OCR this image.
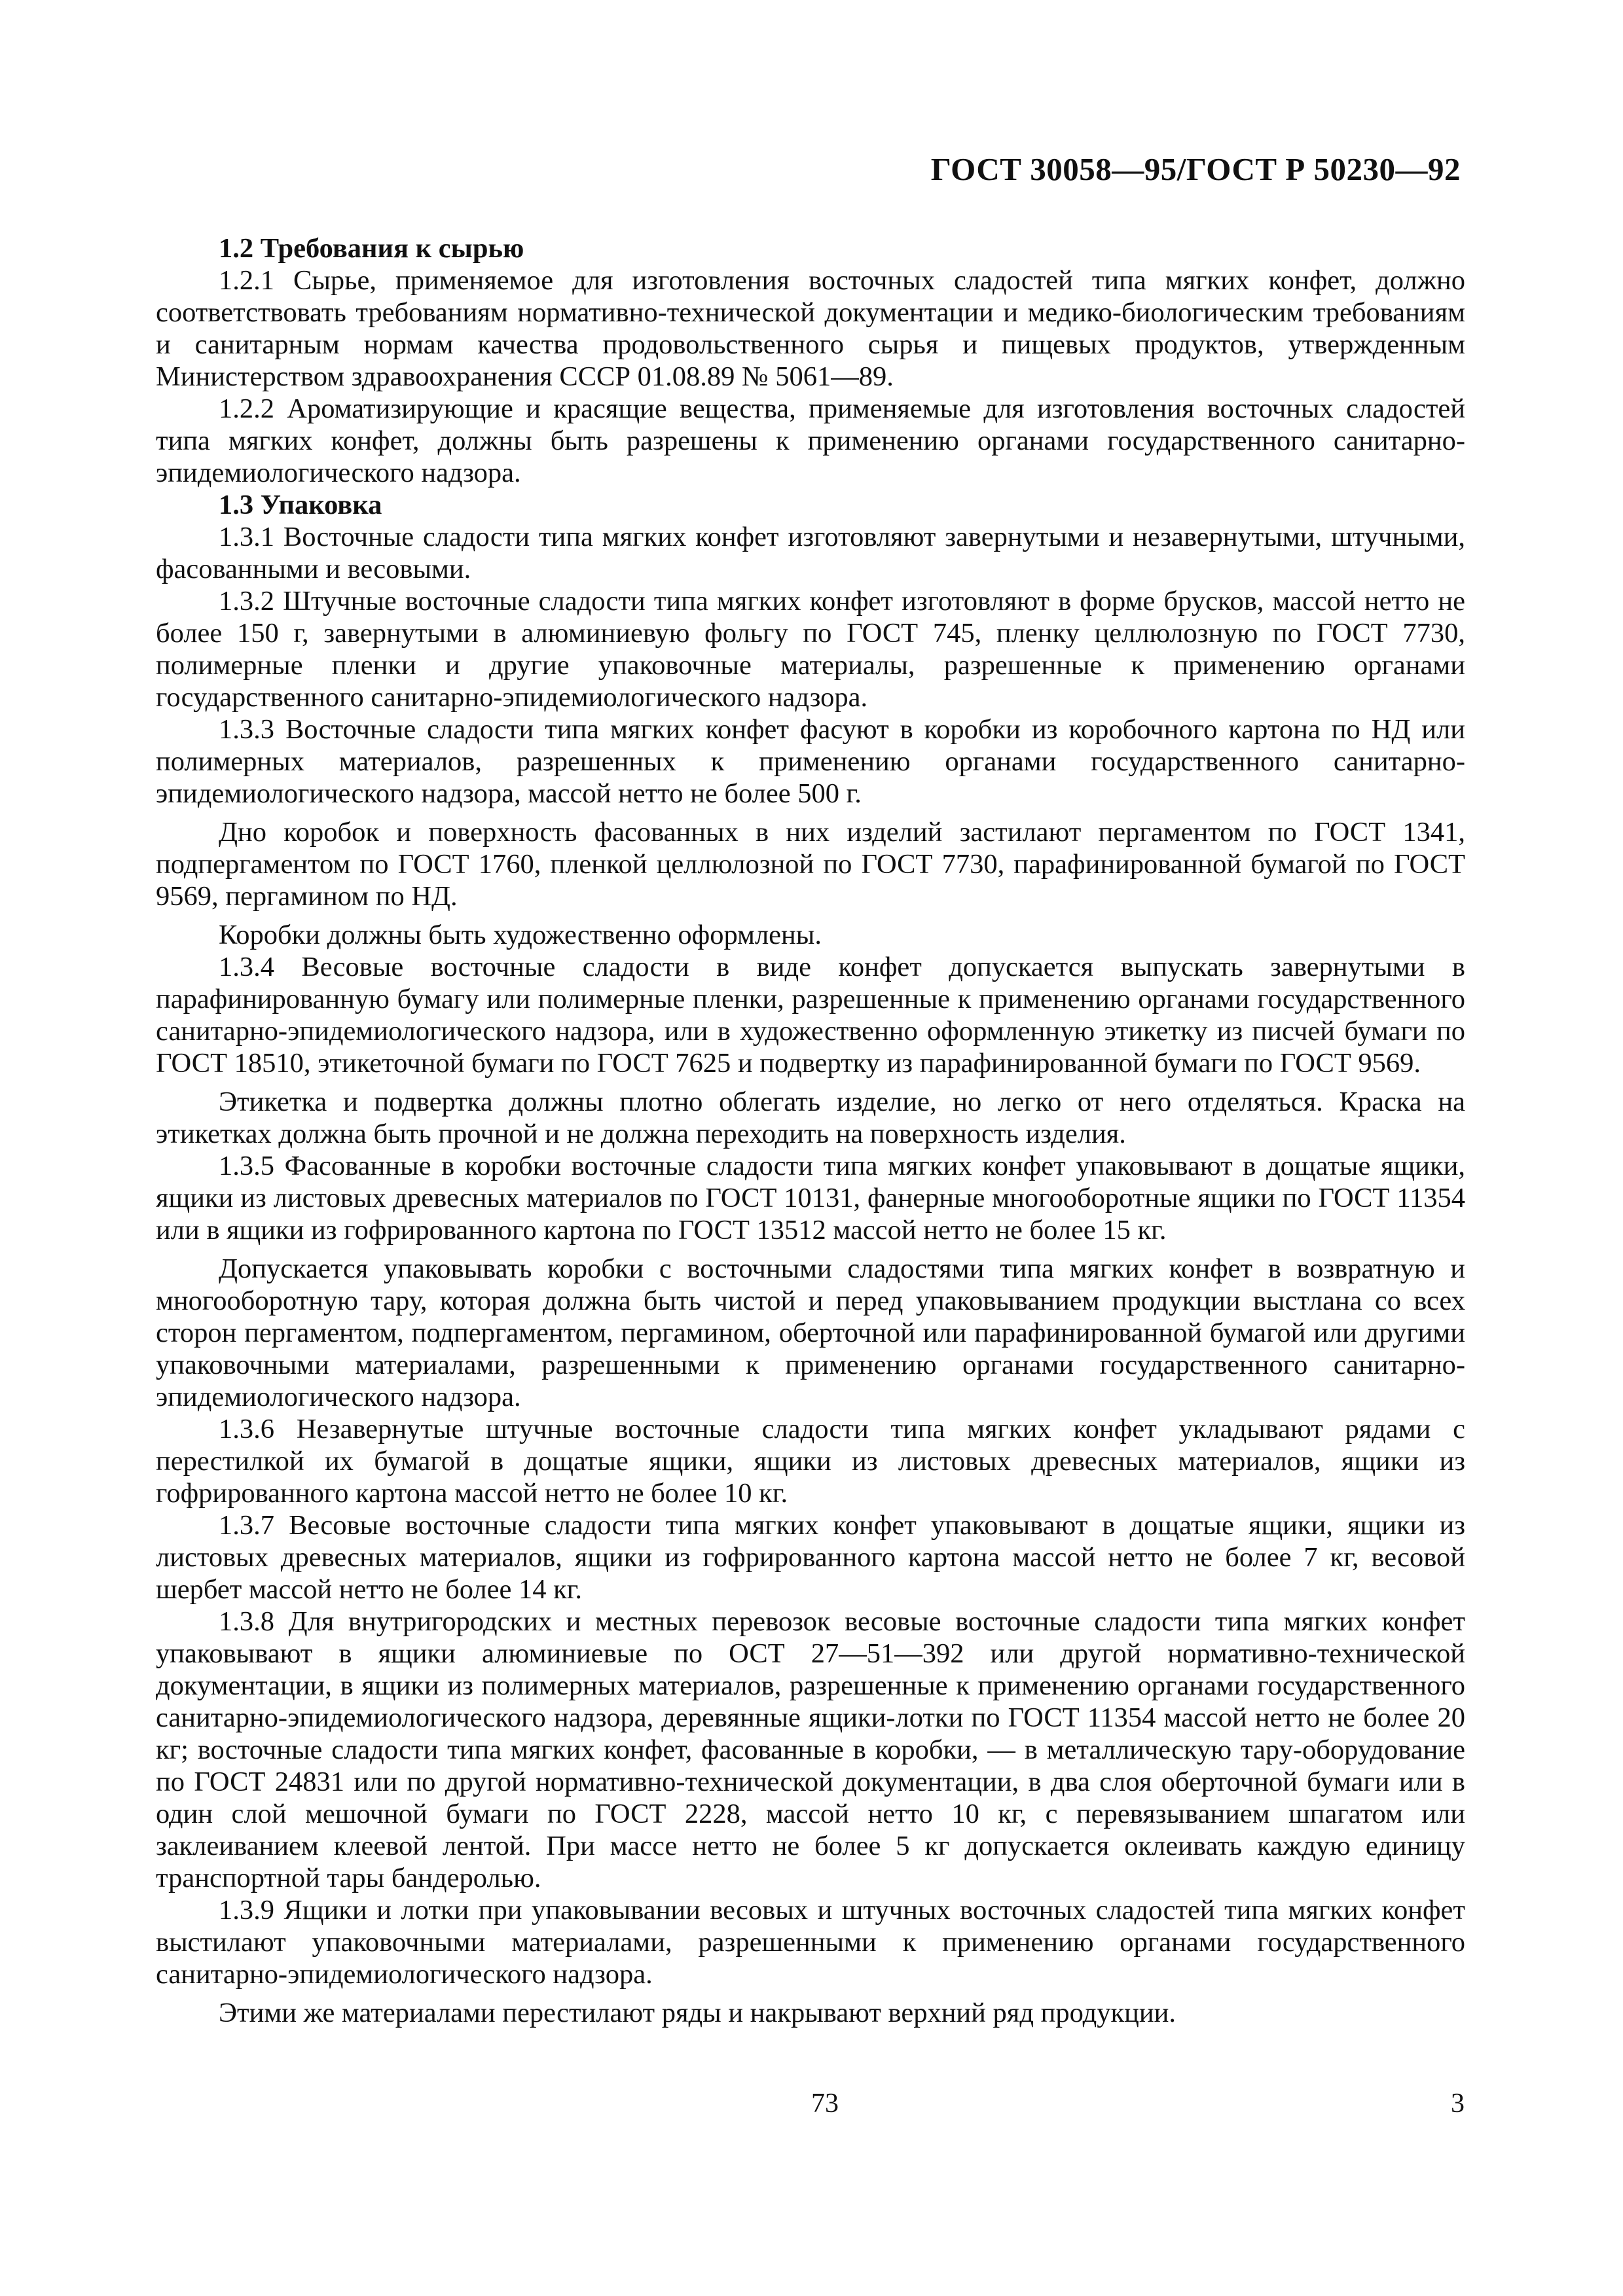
ГОСТ 30058—95/ГОСТ Р 50230—92

1.2 Требования к сырью

1.2.1 Сырье, применяемое для изготовления восточных сладостей типа мягких конфет, должно соответствовать требованиям нормативно-технической документации и медико-биологическим требованиям и санитарным нормам качества продовольственного сырья и пищевых продуктов, утвержденным Министерством здравоохранения СССР 01.08.89 № 5061—89.

1.2.2 Ароматизирующие и красящие вещества, применяемые для изготовления восточных сладостей типа мягких конфет, должны быть разрешены к применению органами государственного санитарно-эпидемиологического надзора.

1.3 Упаковка

1.3.1 Восточные сладости типа мягких конфет изготовляют завернутыми и незавернутыми, штучными, фасованными и весовыми.

1.3.2 Штучные восточные сладости типа мягких конфет изготовляют в форме брусков, массой нетто не более 150 г, завернутыми в алюминиевую фольгу по ГОСТ 745, пленку целлюлозную по ГОСТ 7730, полимерные пленки и другие упаковочные материалы, разрешенные к применению органами государственного санитарно-эпидемиологического надзора.

1.3.3 Восточные сладости типа мягких конфет фасуют в коробки из коробочного картона по НД или полимерных материалов, разрешенных к применению органами государственного санитарно-эпидемиологического надзора, массой нетто не более 500 г.

Дно коробок и поверхность фасованных в них изделий застилают пергаментом по ГОСТ 1341, подпергаментом по ГОСТ 1760, пленкой целлюлозной по ГОСТ 7730, парафинированной бумагой по ГОСТ 9569, пергамином по НД.

Коробки должны быть художественно оформлены.

1.3.4 Весовые восточные сладости в виде конфет допускается выпускать завернутыми в парафинированную бумагу или полимерные пленки, разрешенные к применению органами государственного санитарно-эпидемиологического надзора, или в художественно оформленную этикетку из писчей бумаги по ГОСТ 18510, этикеточной бумаги по ГОСТ 7625 и подвертку из парафинированной бумаги по ГОСТ 9569.

Этикетка и подвертка должны плотно облегать изделие, но легко от него отделяться. Краска на этикетках должна быть прочной и не должна переходить на поверхность изделия.

1.3.5 Фасованные в коробки восточные сладости типа мягких конфет упаковывают в дощатые ящики, ящики из листовых древесных материалов по ГОСТ 10131, фанерные многооборотные ящики по ГОСТ 11354 или в ящики из гофрированного картона по ГОСТ 13512 массой нетто не более 15 кг.

Допускается упаковывать коробки с восточными сладостями типа мягких конфет в возвратную и многооборотную тару, которая должна быть чистой и перед упаковыванием продукции выстлана со всех сторон пергаментом, подпергаментом, пергамином, оберточной или парафинированной бумагой или другими упаковочными материалами, разрешенными к применению органами государственного санитарно-эпидемиологического надзора.

1.3.6 Незавернутые штучные восточные сладости типа мягких конфет укладывают рядами с перестилкой их бумагой в дощатые ящики, ящики из листовых древесных материалов, ящики из гофрированного картона массой нетто не более 10 кг.

1.3.7 Весовые восточные сладости типа мягких конфет упаковывают в дощатые ящики, ящики из листовых древесных материалов, ящики из гофрированного картона массой нетто не более 7 кг, весовой шербет массой нетто не более 14 кг.

1.3.8 Для внутригородских и местных перевозок весовые восточные сладости типа мягких конфет упаковывают в ящики алюминиевые по ОСТ 27—51—392 или другой нормативно-технической документации, в ящики из полимерных материалов, разрешенные к применению органами государственного санитарно-эпидемиологического надзора, деревянные ящики-лотки по ГОСТ 11354 массой нетто не более 20 кг; восточные сладости типа мягких конфет, фасованные в коробки, — в металлическую тару-оборудование по ГОСТ 24831 или по другой нормативно-технической документации, в два слоя оберточной бумаги или в один слой мешочной бумаги по ГОСТ 2228, массой нетто 10 кг, с перевязыванием шпагатом или заклеиванием клеевой лентой. При массе нетто не более 5 кг допускается оклеивать каждую единицу транспортной тары бандеролью.

1.3.9 Ящики и лотки при упаковывании весовых и штучных восточных сладостей типа мягких конфет выстилают упаковочными материалами, разрешенными к применению органами государственного санитарно-эпидемиологического надзора.

Этими же материалами перестилают ряды и накрывают верхний ряд продукции.

73	3
